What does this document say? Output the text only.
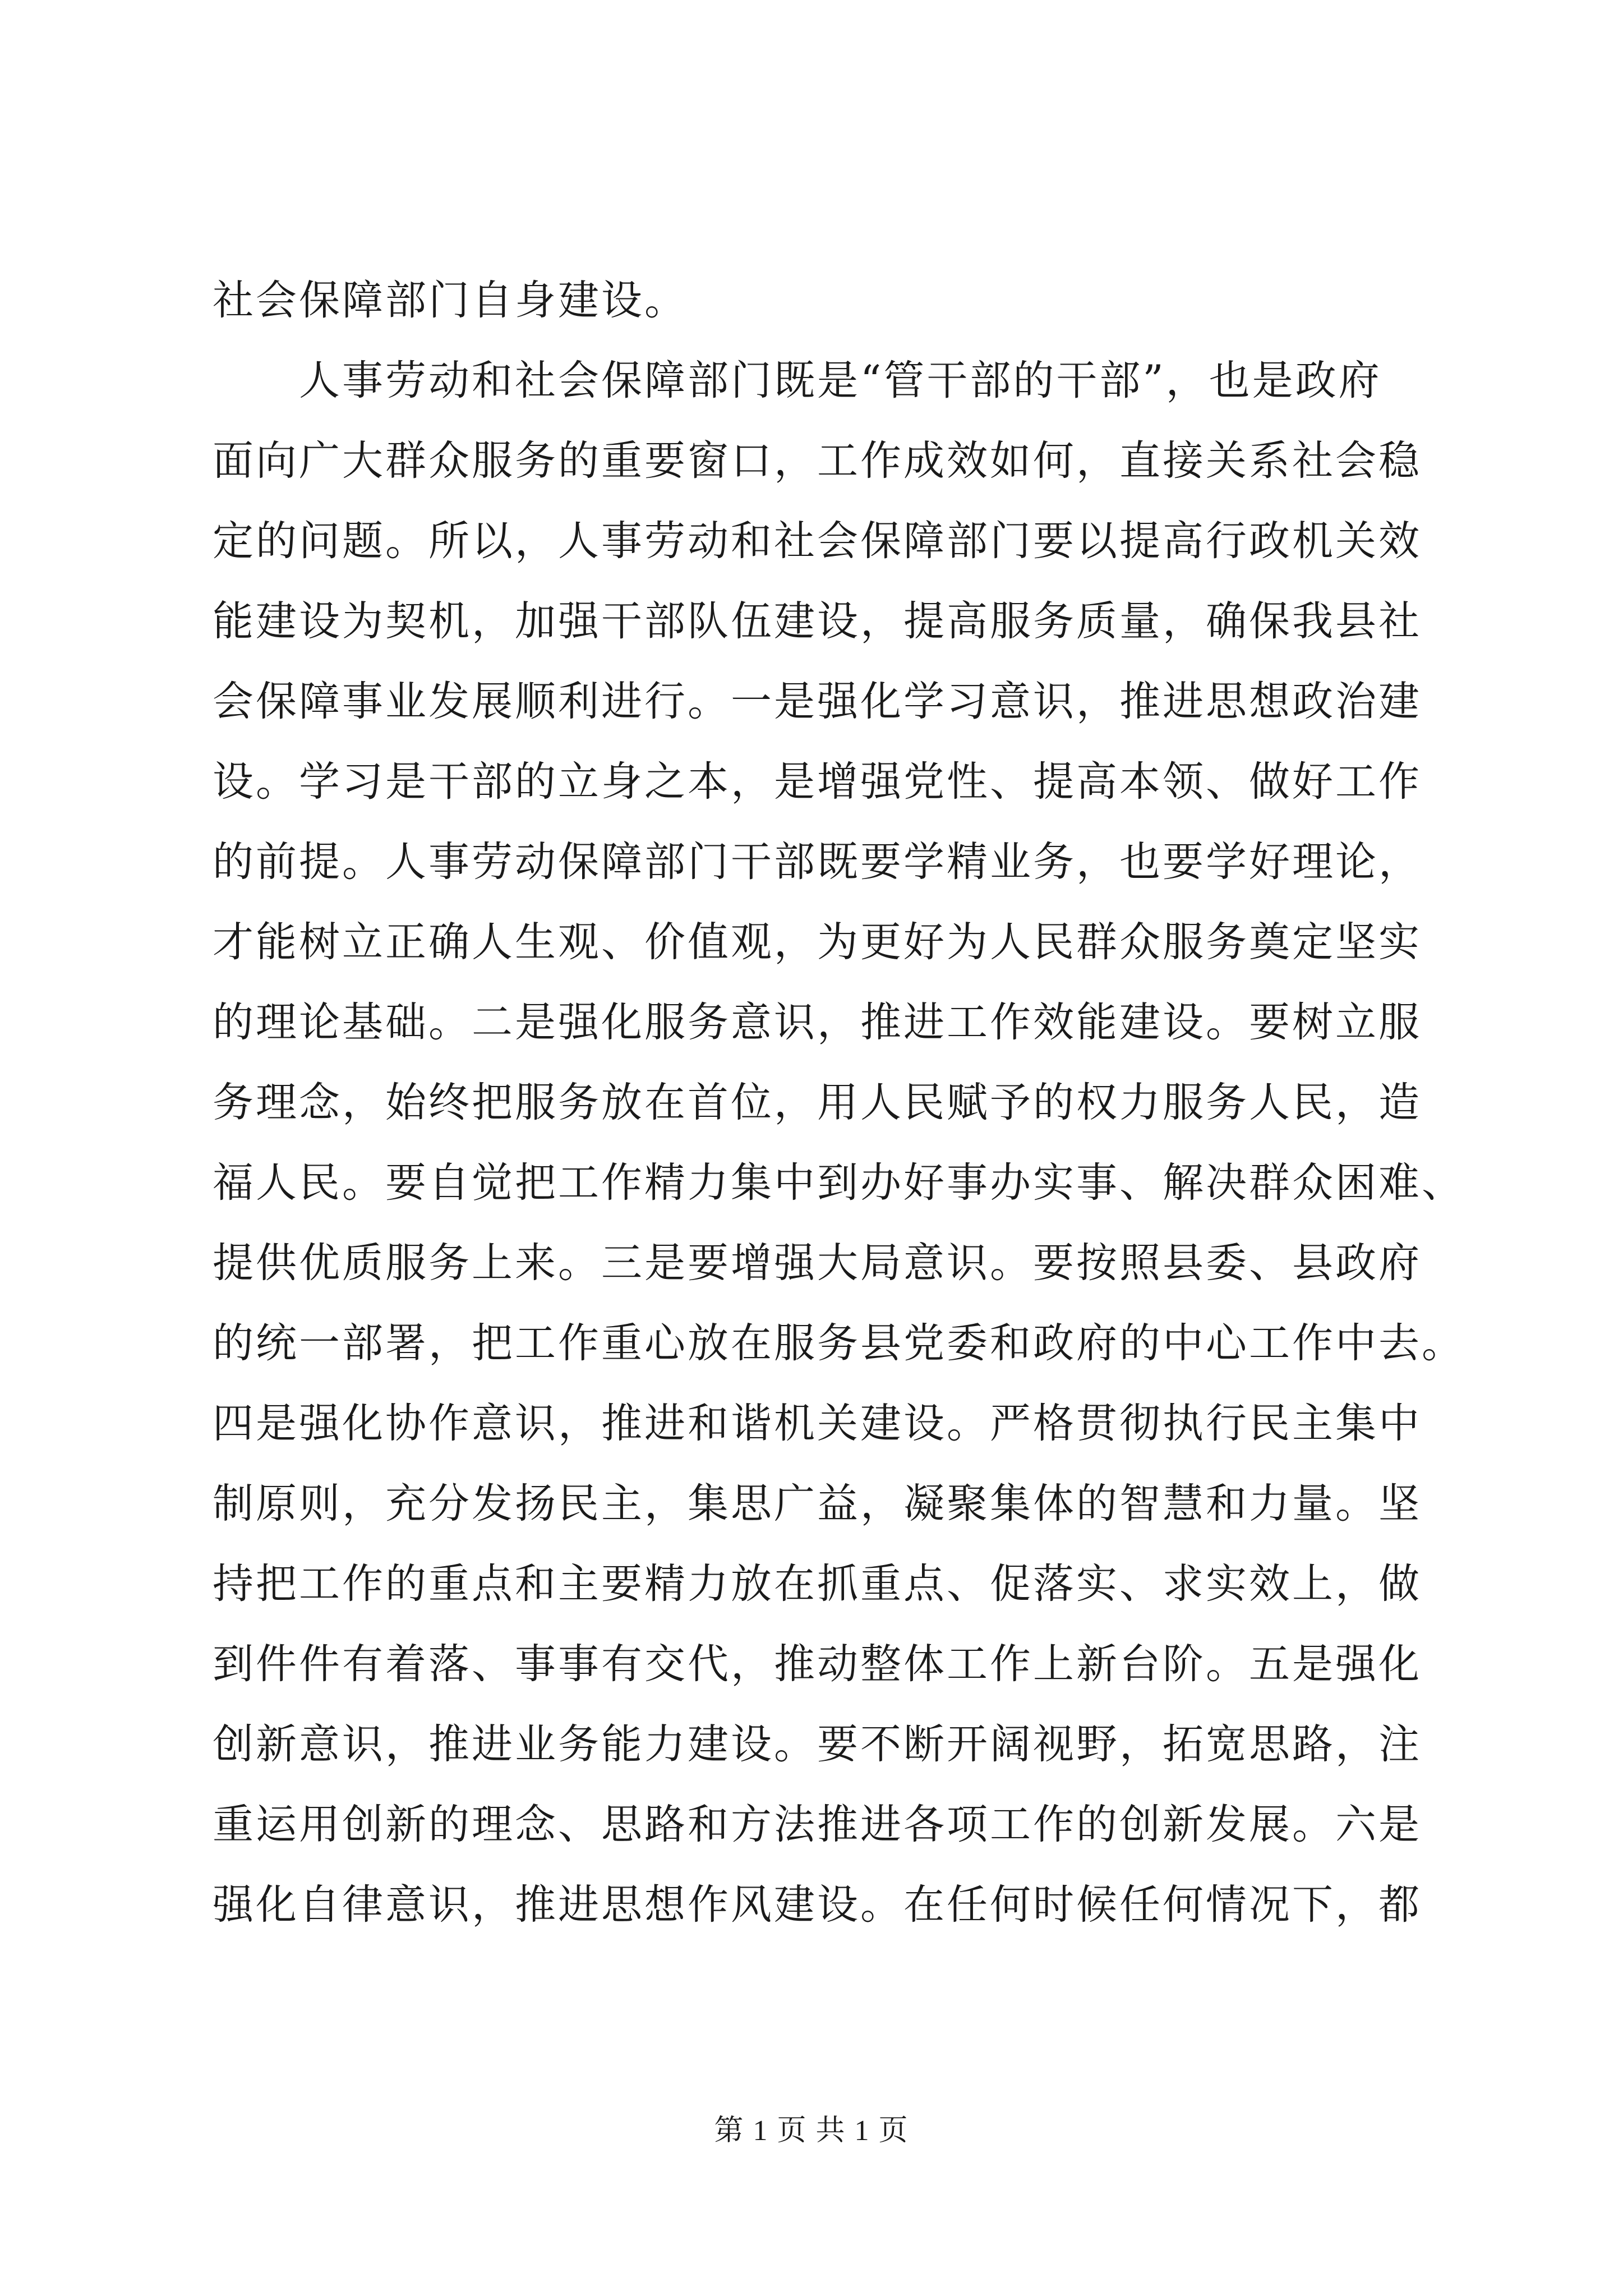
社会保障部门自身建设。
人事劳动和社会保障部门既是“管干部的干部”，也是政府
面向广大群众服务的重要窗口，工作成效如何，直接关系社会稳
定的问题。所以，人事劳动和社会保障部门要以提高行政机关效
能建设为契机，加强干部队伍建设，提高服务质量，确保我县社
会保障事业发展顺利进行。一是强化学习意识，推进思想政治建
设。学习是干部的立身之本，是增强党性、提高本领、做好工作
的前提。人事劳动保障部门干部既要学精业务，也要学好理论，
才能树立正确人生观、价值观，为更好为人民群众服务奠定坚实
的理论基础。二是强化服务意识，推进工作效能建设。要树立服
务理念，始终把服务放在首位，用人民赋予的权力服务人民，造
福人民。要自觉把工作精力集中到办好事办实事、解决群众困难、
提供优质服务上来。三是要增强大局意识。要按照县委、县政府
的统一部署，把工作重心放在服务县党委和政府的中心工作中去。
四是强化协作意识，推进和谐机关建设。严格贯彻执行民主集中
制原则，充分发扬民主，集思广益，凝聚集体的智慧和力量。坚
持把工作的重点和主要精力放在抓重点、促落实、求实效上，做
到件件有着落、事事有交代，推动整体工作上新台阶。五是强化
创新意识，推进业务能力建设。要不断开阔视野，拓宽思路，注
重运用创新的理念、思路和方法推进各项工作的创新发展。六是
强化自律意识，推进思想作风建设。在任何时候任何情况下，都
第 1 页 共 1 页
